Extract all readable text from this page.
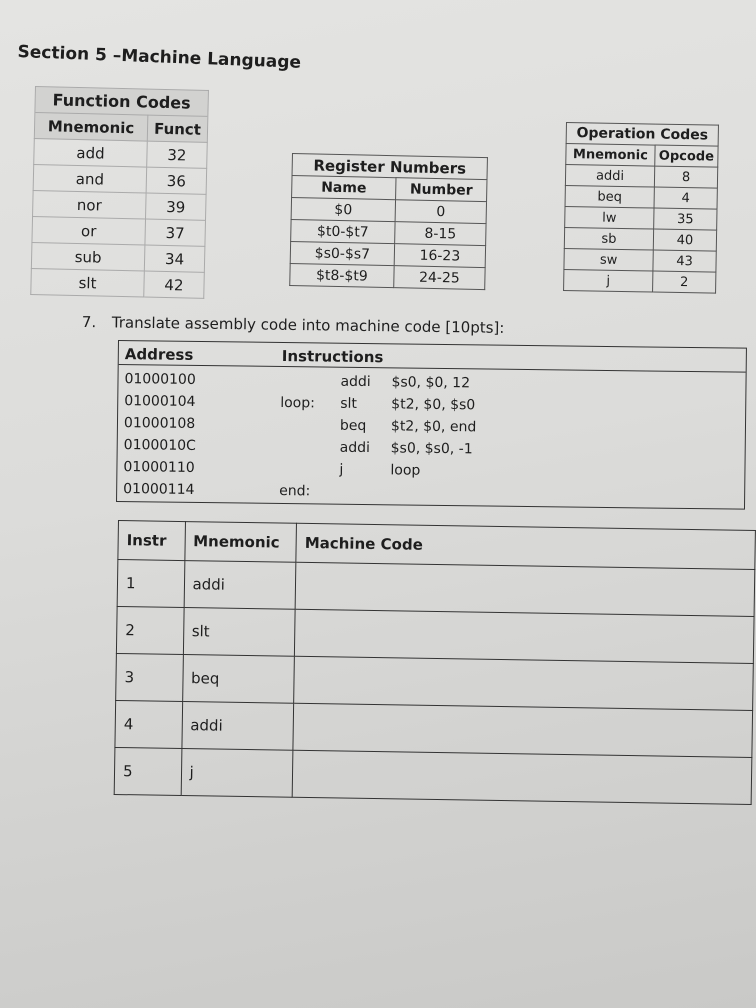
Section 5 –Machine Language
Function Codes	
Mnemonic	Funct
add	32
and	36
nor	39
or	37
sub	34
slt	42
Register Numbers	
Name	Number
$0	0
$t0-$t7	8-15
$s0-$s7	16-23
$t8-$t9	24-25
Operation Codes	
Mnemonic	Opcode
addi	8
beq	4
lw	35
sb	40
sw	43
j	2
7. Translate assembly code into machine code [10pts]:
Address	Instructions
01000100	addi $s0, $0, 12
01000104	loop: slt $t2, $0, $s0
01000108	beq $t2, $0, end
0100010C	addi $s0, $s0, -1
01000110	j	loop
01000114	end:
Instr	Mnemonic	Machine Code
1	addi	
2	slt	
3	beq	
4	addi	
5	j	
